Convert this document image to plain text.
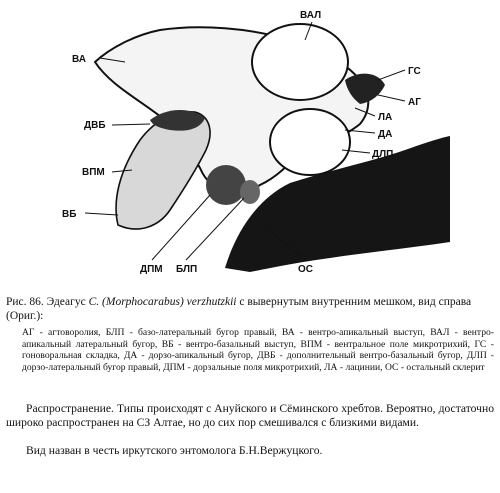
ВАЛ
ВА
ГС
АГ
ЛА
ДА
ДЛП
ДВБ
ВПМ
ВБ
ДПМ БЛП	ОС
Рис. 86. Эдеагус C. (Morphocarabus) verzhutzkii с вывернутым внутренним мешком, вид справа (Ориг.):
АГ - агтоворолия, БЛП - базо-латеральный бугор правый, ВА - вентро-апикальный выступ, ВАЛ - вентро-апикальный латеральный бугор, ВБ - вентро-базальный выступ, ВПМ - вентральное поле микротрихий, ГС - гоноворальная складка, ДА - дорзо-апикальный бугор, ДВБ - дополнительный вентро-базальный бугор, ДЛП - дорзо-латеральный бугор правый, ДПМ - дорзальные поля микротрихий, ЛА - лацинии, ОС - остальный склерит
Распространение. Типы происходят с Ануйского и Сёминского хребтов. Вероятно, достаточно широко распространен на СЗ Алтае, но до сих пор смешивался с близкими видами.
Вид назван в честь иркутского энтомолога Б.Н.Вержуцкого.
